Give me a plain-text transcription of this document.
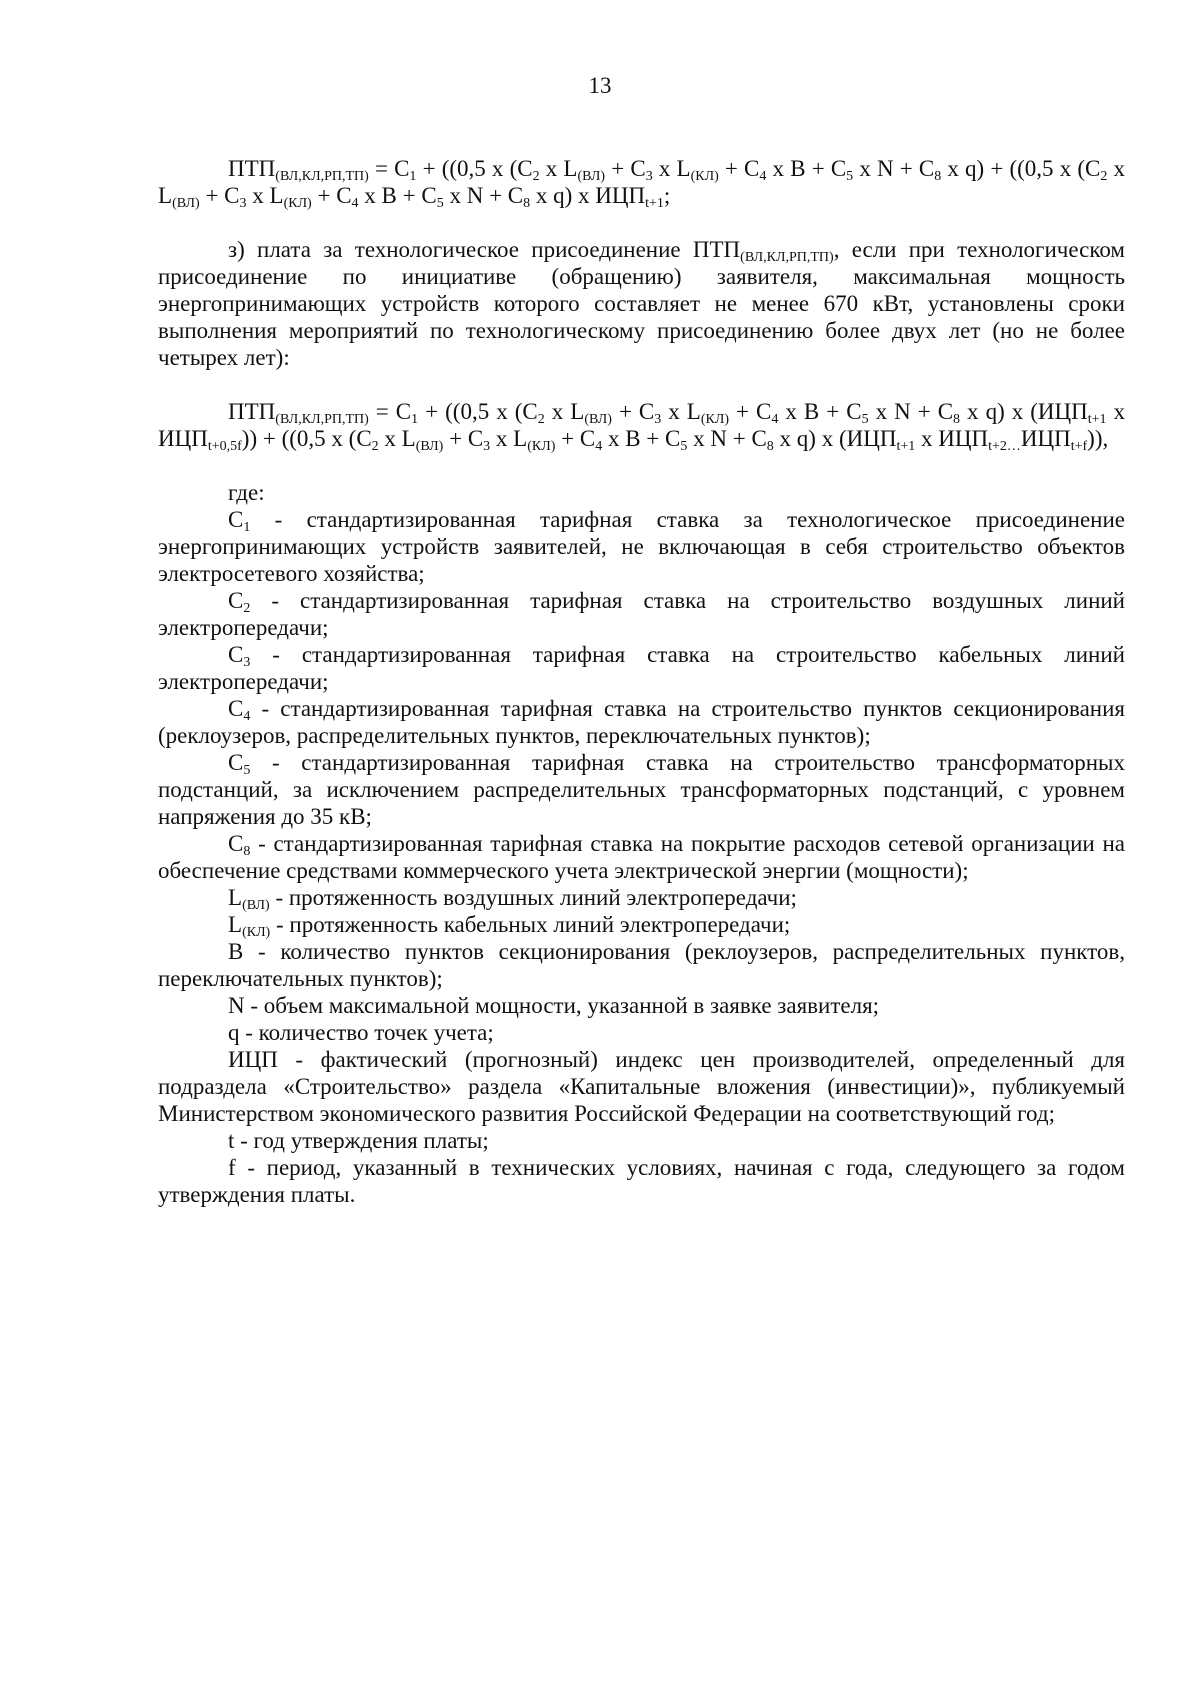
13

$ПТП_{(ВЛ,КЛ,РП,ТП)} = С_1 + ((0,5$ x ($С_2$ x $L_{(ВЛ)} + С_3$ x $L_{(КЛ)} + С_4$ x $B + С_5$ x $N + С_8$ x q) + ((0,5 x ($С_2$ x $L_{(ВЛ)} + С_3$ x $L_{(КЛ)} + С_4$ x $B + С_5$ x $N + С_8$ x q) x $ИЦП_{t+1}$;

з) плата за технологическое присоединение $ПТП_{(ВЛ,КЛ,РП,ТП)}$, если при технологическом присоединение по инициативе (обращению) заявителя, максимальная мощность энергопринимающих устройств которого составляет не менее 670 кВт, установлены сроки выполнения мероприятий по технологическому присоединению более двух лет (но не более четырех лет):

$ПТП_{(ВЛ,КЛ,РП,ТП)} = С_1 + ((0,5$ x ($С_2$ x $L_{(ВЛ)} + С_3$ x $L_{(КЛ)} + С_4$ x $B + С_5$ x $N + С_8$ x q) x ($ИЦП_{t+1}$ x $ИЦП_{t+0,5f})) + ((0,5$ x ($С_2$ x $L_{(ВЛ)} + С_3$ x $L_{(КЛ)} + С_4$ x $B + С_5$ x $N + С_8$ x q) x ($ИЦП_{t+1}$ x $ИЦП_{t+2\dots}ИЦП_{t+f}$)),

где:

$С_1$ - стандартизированная тарифная ставка за технологическое присоединение энергопринимающих устройств заявителей, не включающая в себя строительство объектов электросетевого хозяйства;

$С_2$ - стандартизированная тарифная ставка на строительство воздушных линий электропередачи;

$С_3$ - стандартизированная тарифная ставка на строительство кабельных линий электропередачи;

$С_4$ - стандартизированная тарифная ставка на строительство пунктов секционирования (реклоузеров, распределительных пунктов, переключательных пунктов);

$С_5$ - стандартизированная тарифная ставка на строительство трансформаторных подстанций, за исключением распределительных трансформаторных подстанций, с уровнем напряжения до 35 кВ;

$С_8$ - стандартизированная тарифная ставка на покрытие расходов сетевой организации на обеспечение средствами коммерческого учета электрической энергии (мощности);

$L_{(ВЛ)}$ - протяженность воздушных линий электропередачи;

$L_{(КЛ)}$ - протяженность кабельных линий электропередачи;

B - количество пунктов секционирования (реклоузеров, распределительных пунктов, переключательных пунктов);

N - объем максимальной мощности, указанной в заявке заявителя;

q - количество точек учета;

ИЦП - фактический (прогнозный) индекс цен производителей, определенный для подраздела «Строительство» раздела «Капитальные вложения (инвестиции)», публикуемый Министерством экономического развития Российской Федерации на соответствующий год;

t - год утверждения платы;

f - период, указанный в технических условиях, начиная с года, следующего за годом утверждения платы.
